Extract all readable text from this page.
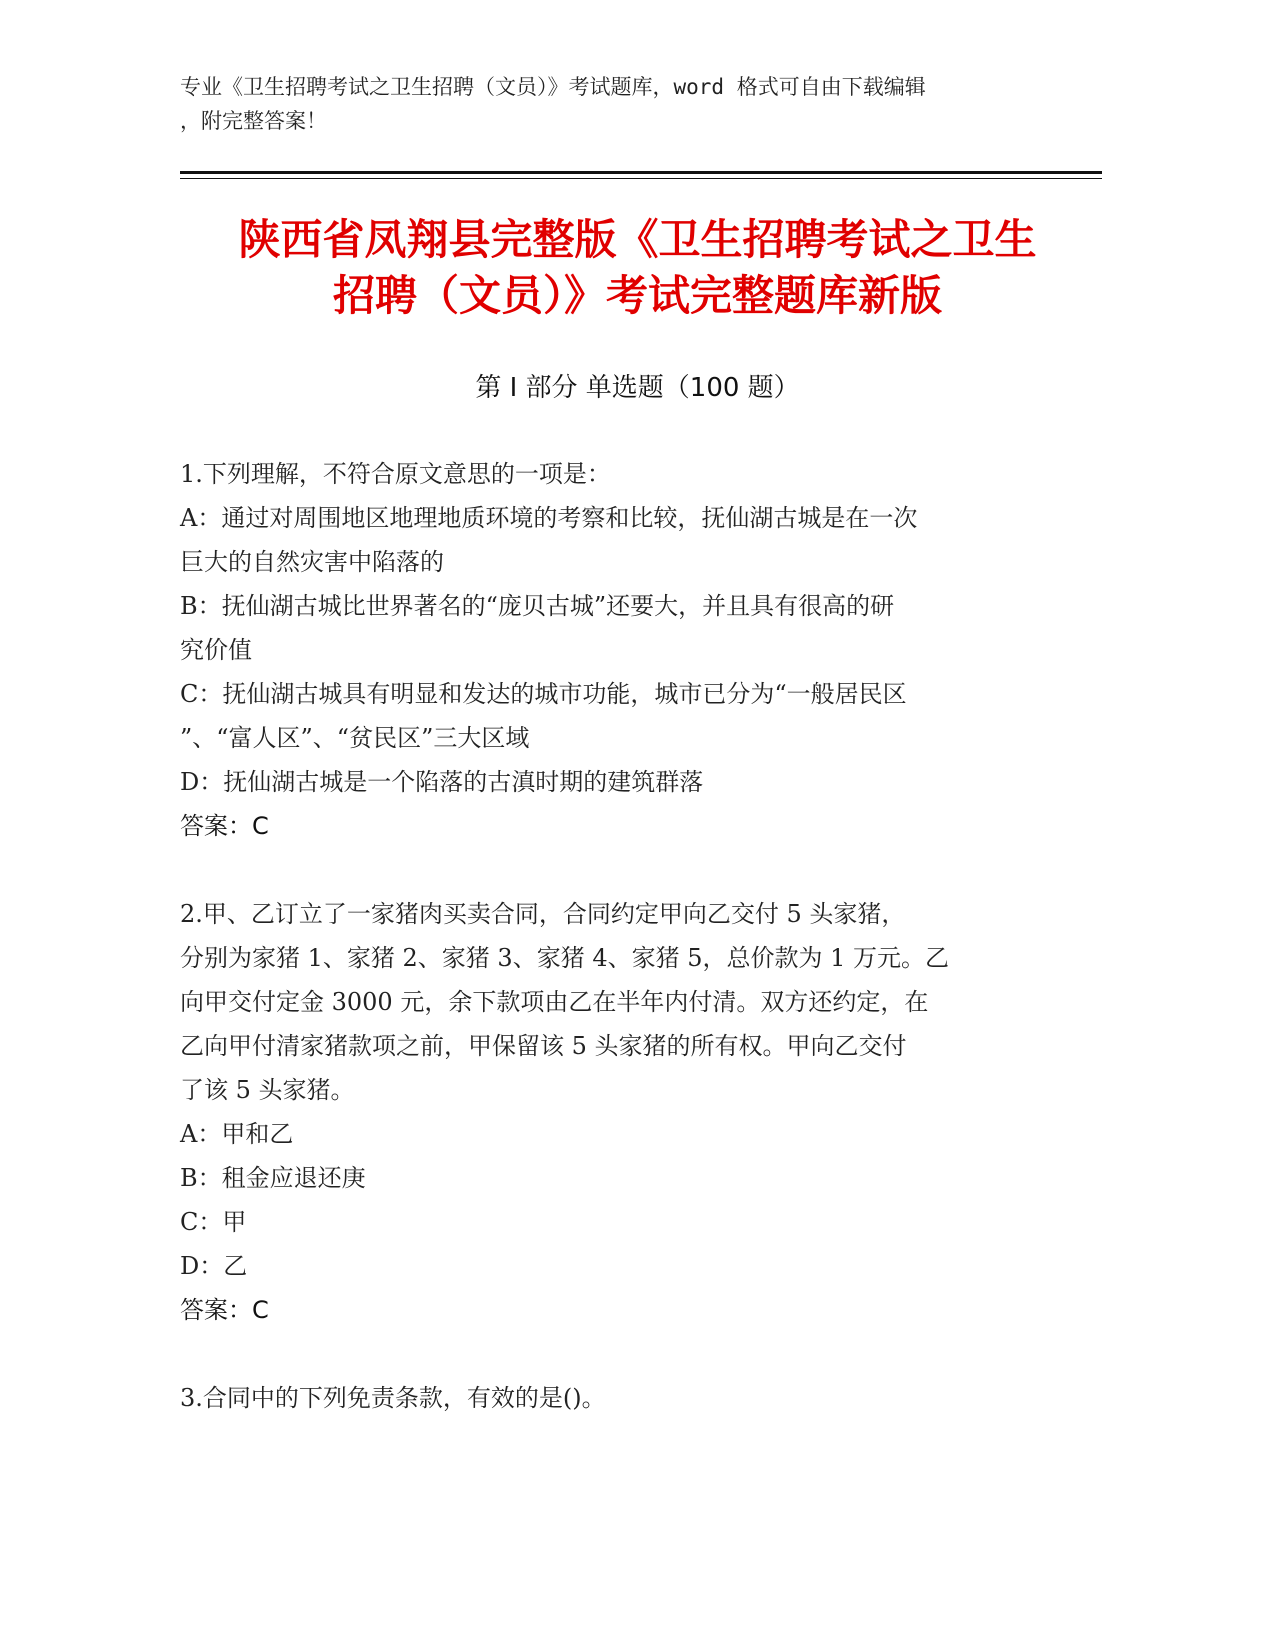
专业《卫生招聘考试之卫生招聘（文员）》考试题库，word 格式可自由下载编辑
，附完整答案！
陕西省凤翔县完整版《卫生招聘考试之卫生
招聘（文员）》考试完整题库新版
第 I 部分 单选题（100 题）
1.下列理解，不符合原文意思的一项是：
A：通过对周围地区地理地质环境的考察和比较，抚仙湖古城是在一次
巨大的自然灾害中陷落的
B：抚仙湖古城比世界著名的“庞贝古城”还要大，并且具有很高的研
究价值
C：抚仙湖古城具有明显和发达的城市功能，城市已分为“一般居民区
”、“富人区”、“贫民区”三大区域
D：抚仙湖古城是一个陷落的古滇时期的建筑群落
答案：C
2.甲、乙订立了一家猪肉买卖合同，合同约定甲向乙交付 5 头家猪，
分别为家猪 1、家猪 2、家猪 3、家猪 4、家猪 5，总价款为 1 万元。乙
向甲交付定金 3000 元，余下款项由乙在半年内付清。双方还约定，在
乙向甲付清家猪款项之前，甲保留该 5 头家猪的所有权。甲向乙交付
了该 5 头家猪。
A：甲和乙
B：租金应退还庚
C：甲
D：乙
答案：C
3.合同中的下列免责条款，有效的是()。
